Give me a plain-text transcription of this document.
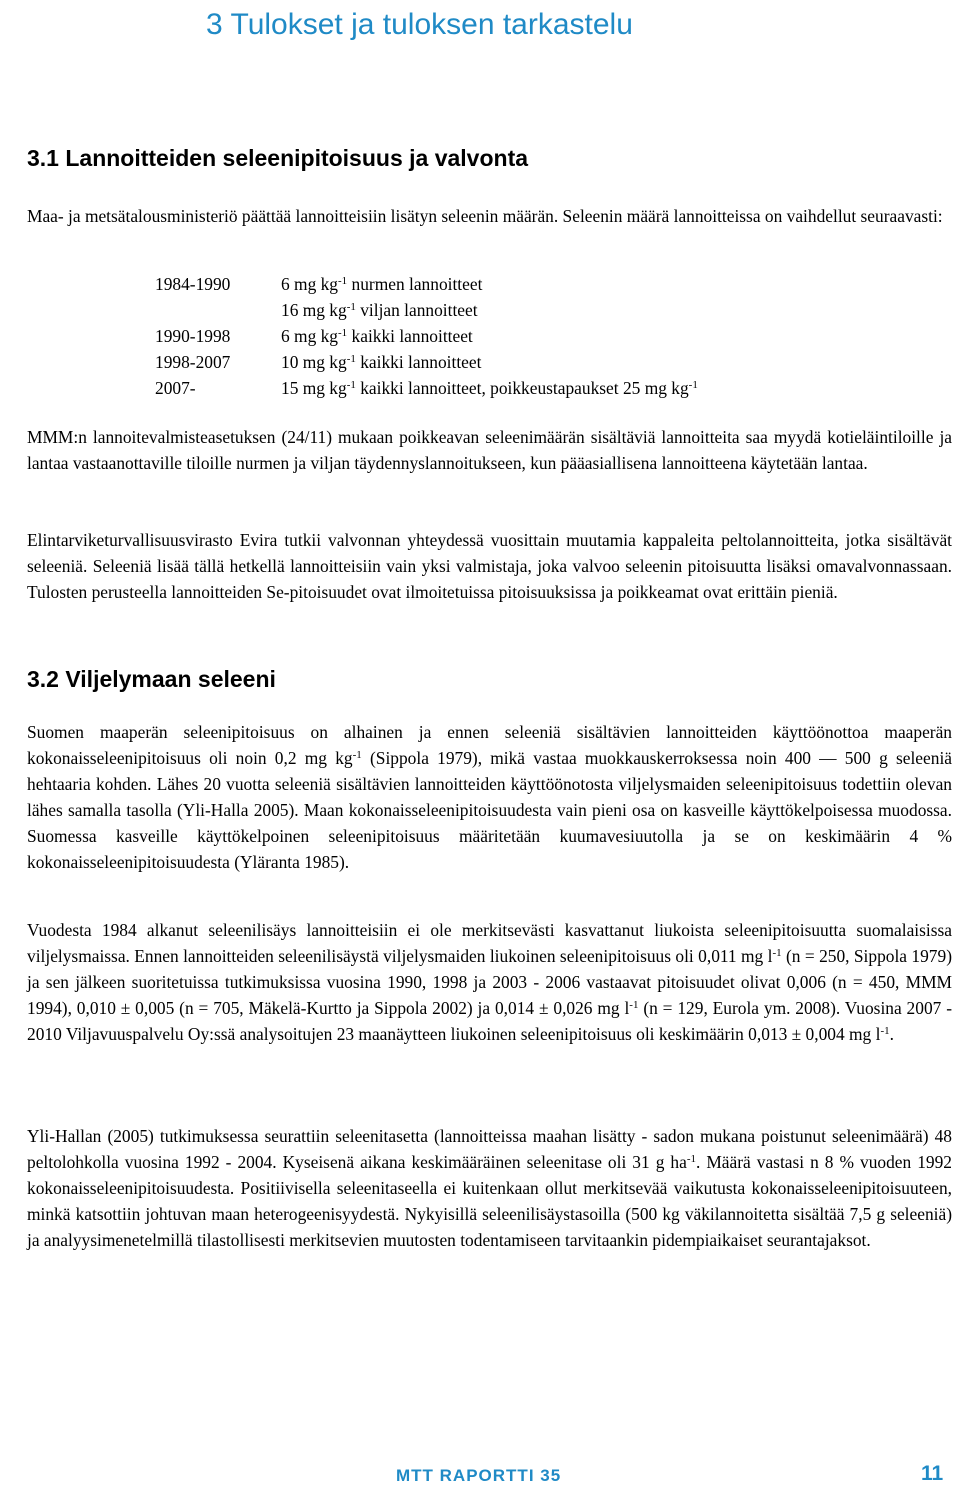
3 Tulokset ja tuloksen tarkastelu
3.1 Lannoitteiden seleenipitoisuus ja valvonta

Maa- ja metsätalousministeriö päättää lannoitteisiin lisätyn seleenin määrän. Seleenin määrä lannoitteissa on vaihdellut seuraavasti:

1984-1990	6 mg $kg^{-1}$ nurmen lannoitteet
16 mg $kg^{-1}$ viljan lannoitteet
1990-1998	6 mg $kg^{-1}$ kaikki lannoitteet
1998-2007	10 mg $kg^{-1}$ kaikki lannoitteet
2007-	15 mg $kg^{-1}$ kaikki lannoitteet, poikkeustapaukset 25 mg $kg^{-1}$

MMM:n lannoitevalmisteasetuksen (24/11) mukaan poikkeavan seleenimäärän sisältäviä lannoitteita saa myydä kotieläintiloille ja lantaa vastaanottaville tiloille nurmen ja viljan täydennyslannoitukseen, kun pääasiallisena lannoitteena käytetään lantaa.

Elintarviketurvallisuusvirasto Evira tutkii valvonnan yhteydessä vuosittain muutamia kappaleita peltolannoitteita, jotka sisältävät seleeniä. Seleeniä lisää tällä hetkellä lannoitteisiin vain yksi valmistaja, joka valvoo seleenin pitoisuutta lisäksi omavalvonnassaan. Tulosten perusteella lannoitteiden Se-pitoisuudet ovat ilmoitetuissa pitoisuuksissa ja poikkeamat ovat erittäin pieniä.

3.2 Viljelymaan seleeni

Suomen maaperän seleenipitoisuus on alhainen ja ennen seleeniä sisältävien lannoitteiden käyttöönottoa maaperän kokonaisseleenipitoisuus oli noin 0,2 mg $kg^{-1}$ (Sippola 1979), mikä vastaa muokkauskerroksessa noin 400 — 500 g seleeniä hehtaaria kohden. Lähes 20 vuotta seleeniä sisältävien lannoitteiden käyttöönotosta viljelysmaiden seleenipitoisuus todettiin olevan lähes samalla tasolla (Yli-Halla 2005). Maan kokonaisseleenipitoisuudesta vain pieni osa on kasveille käyttökelpoisessa muodossa. Suomessa kasveille käyttökelpoinen seleenipitoisuus määritetään kuumavesiuutolla ja se on keskimäärin 4 % kokonaisseleenipitoisuudesta (Yläranta 1985).

Vuodesta 1984 alkanut seleenilisäys lannoitteisiin ei ole merkitsevästi kasvattanut liukoista seleenipitoisuutta suomalaisissa viljelysmaissa. Ennen lannoitteiden seleenilisäystä viljelysmaiden liukoinen seleenipitoisuus oli 0,011 mg $l^{-1}$ (n = 250, Sippola 1979) ja sen jälkeen suoritetuissa tutkimuksissa vuosina 1990, 1998 ja 2003 - 2006 vastaavat pitoisuudet olivat 0,006 (n = 450, MMM 1994), 0,010 ± 0,005 (n = 705, Mäkelä-Kurtto ja Sippola 2002) ja 0,014 ± 0,026 mg $l^{-1}$ (n = 129, Eurola ym. 2008). Vuosina 2007 - 2010 Viljavuuspalvelu Oy:ssä analysoitujen 23 maanäytteen liukoinen seleenipitoisuus oli keskimäärin 0,013 ± 0,004 mg $l^{-1}$.

Yli-Hallan (2005) tutkimuksessa seurattiin seleenitasetta (lannoitteissa maahan lisätty - sadon mukana poistunut seleenimäärä) 48 peltolohkolla vuosina 1992 - 2004. Kyseisenä aikana keskimääräinen seleenitase oli 31 g $ha^{-1}$. Määrä vastasi n 8 % vuoden 1992 kokonaisseleenipitoisuudesta. Positiivisella seleenitaseella ei kuitenkaan ollut merkitsevää vaikutusta kokonaisseleenipitoisuuteen, minkä katsottiin johtuvan maan heterogeenisyydestä. Nykyisillä seleenilisäystasoilla (500 kg väkilannoitetta sisältää 7,5 g seleeniä) ja analyysimenetelmillä tilastollisesti merkitsevien muutosten todentamiseen tarvitaankin pidempiaikaiset seurantajaksot.

MTT RAPORTTI 35	11
